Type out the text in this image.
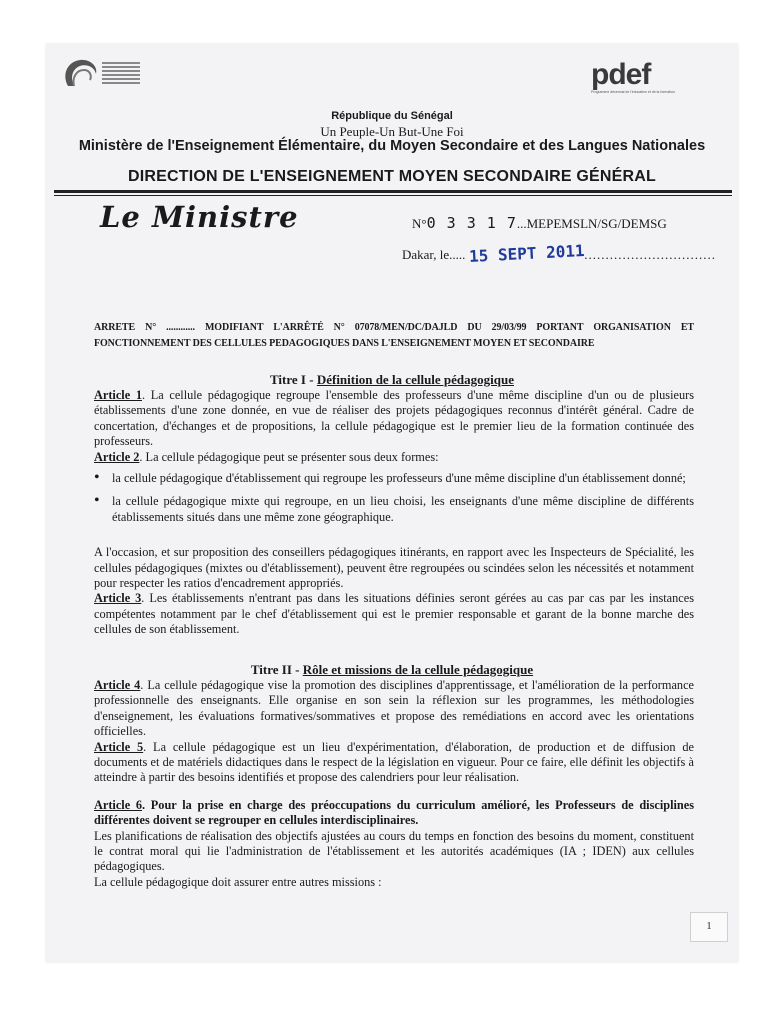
pdef
Programme décennal de l'éducation et de la formation
République du Sénégal
Un Peuple-Un But-Une Foi
Ministère de l'Enseignement Élémentaire, du Moyen Secondaire et des Langues Nationales
DIRECTION DE L'ENSEIGNEMENT MOYEN SECONDAIRE GÉNÉRAL
Le Ministre	N°0 3 3 1 7...MEPEMSLN/SG/DEMSG
Dakar, le..... 15 SEPT 2011...............................
ARRETE N° ............ MODIFIANT L'ARRÊTÉ N° 07078/MEN/DC/DAJLD DU 29/03/99 PORTANT ORGANISATION ET FONCTIONNEMENT DES CELLULES PEDAGOGIQUES DANS L'ENSEIGNEMENT MOYEN ET SECONDAIRE
Titre I - Définition de la cellule pédagogique

Article 1. La cellule pédagogique regroupe l'ensemble des professeurs d'une même discipline d'un ou de plusieurs établissements d'une zone donnée, en vue de réaliser des projets pédagogiques reconnus d'intérêt général. Cadre de concertation, d'échanges et de propositions, la cellule pédagogique est le premier lieu de la formation continuée des professeurs.

Article 2. La cellule pédagogique peut se présenter sous deux formes:

• la cellule pédagogique d'établissement qui regroupe les professeurs d'une même discipline d'un établissement donné;
• la cellule pédagogique mixte qui regroupe, en un lieu choisi, les enseignants d'une même discipline de différents établissements situés dans une même zone géographique.

A l'occasion, et sur proposition des conseillers pédagogiques itinérants, en rapport avec les Inspecteurs de Spécialité, les cellules pédagogiques (mixtes ou d'établissement), peuvent être regroupées ou scindées selon les nécessités et notamment pour respecter les ratios d'encadrement appropriés.

Article 3. Les établissements n'entrant pas dans les situations définies seront gérées au cas par cas par les instances compétentes notamment par le chef d'établissement qui est le premier responsable et garant de la bonne marche des cellules de son établissement.

Titre II - Rôle et missions de la cellule pédagogique

Article 4. La cellule pédagogique vise la promotion des disciplines d'apprentissage, et l'amélioration de la performance professionnelle des enseignants. Elle organise en son sein la réflexion sur les programmes, les méthodologies d'enseignement, les évaluations formatives/sommatives et propose des remédiations en accord avec les orientations officielles.

Article 5. La cellule pédagogique est un lieu d'expérimentation, d'élaboration, de production et de diffusion de documents et de matériels didactiques dans le respect de la législation en vigueur. Pour ce faire, elle définit les objectifs à atteindre à partir des besoins identifiés et propose des calendriers pour leur réalisation.

Article 6. Pour la prise en charge des préoccupations du curriculum amélioré, les Professeurs de disciplines différentes doivent se regrouper en cellules interdisciplinaires.

Les planifications de réalisation des objectifs ajustées au cours du temps en fonction des besoins du moment, constituent le contrat moral qui lie l'administration de l'établissement et les autorités académiques (IA ; IDEN) aux cellules pédagogiques.

La cellule pédagogique doit assurer entre autres missions :

1
